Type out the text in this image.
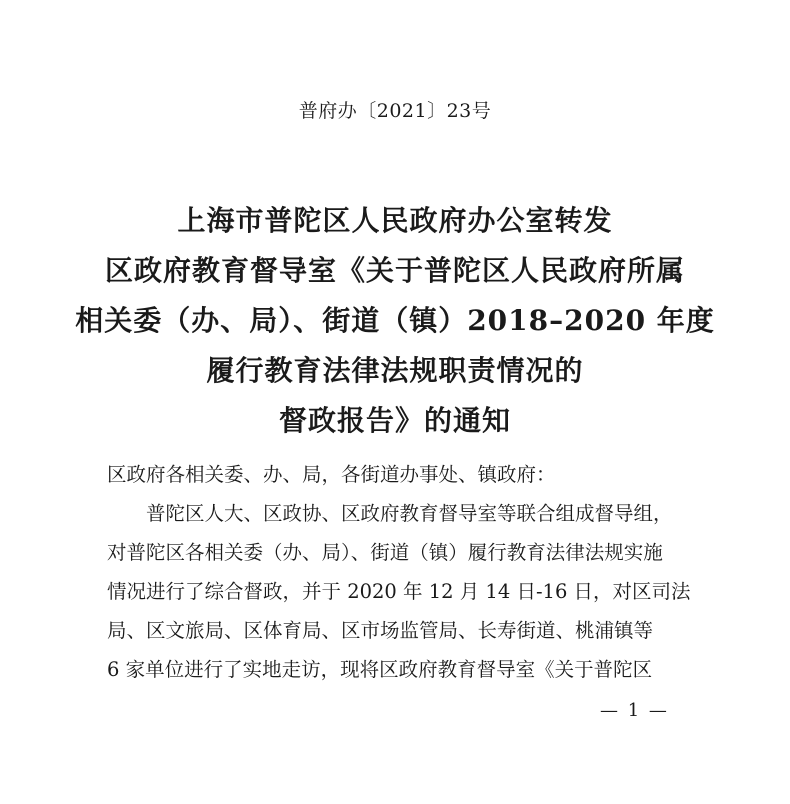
普府办〔2021〕23号
上海市普陀区人民政府办公室转发
区政府教育督导室《关于普陀区人民政府所属
相关委（办、局）、街道（镇）2018–2020 年度
履行教育法律法规职责情况的
督政报告》的通知
区政府各相关委、办、局，各街道办事处、镇政府：
普陀区人大、区政协、区政府教育督导室等联合组成督导组，
对普陀区各相关委（办、局）、街道（镇）履行教育法律法规实施
情况进行了综合督政，并于 2020 年 12 月 14 日-16 日，对区司法
局、区文旅局、区体育局、区市场监管局、长寿街道、桃浦镇等
6 家单位进行了实地走访，现将区政府教育督导室《关于普陀区
— 1 —
